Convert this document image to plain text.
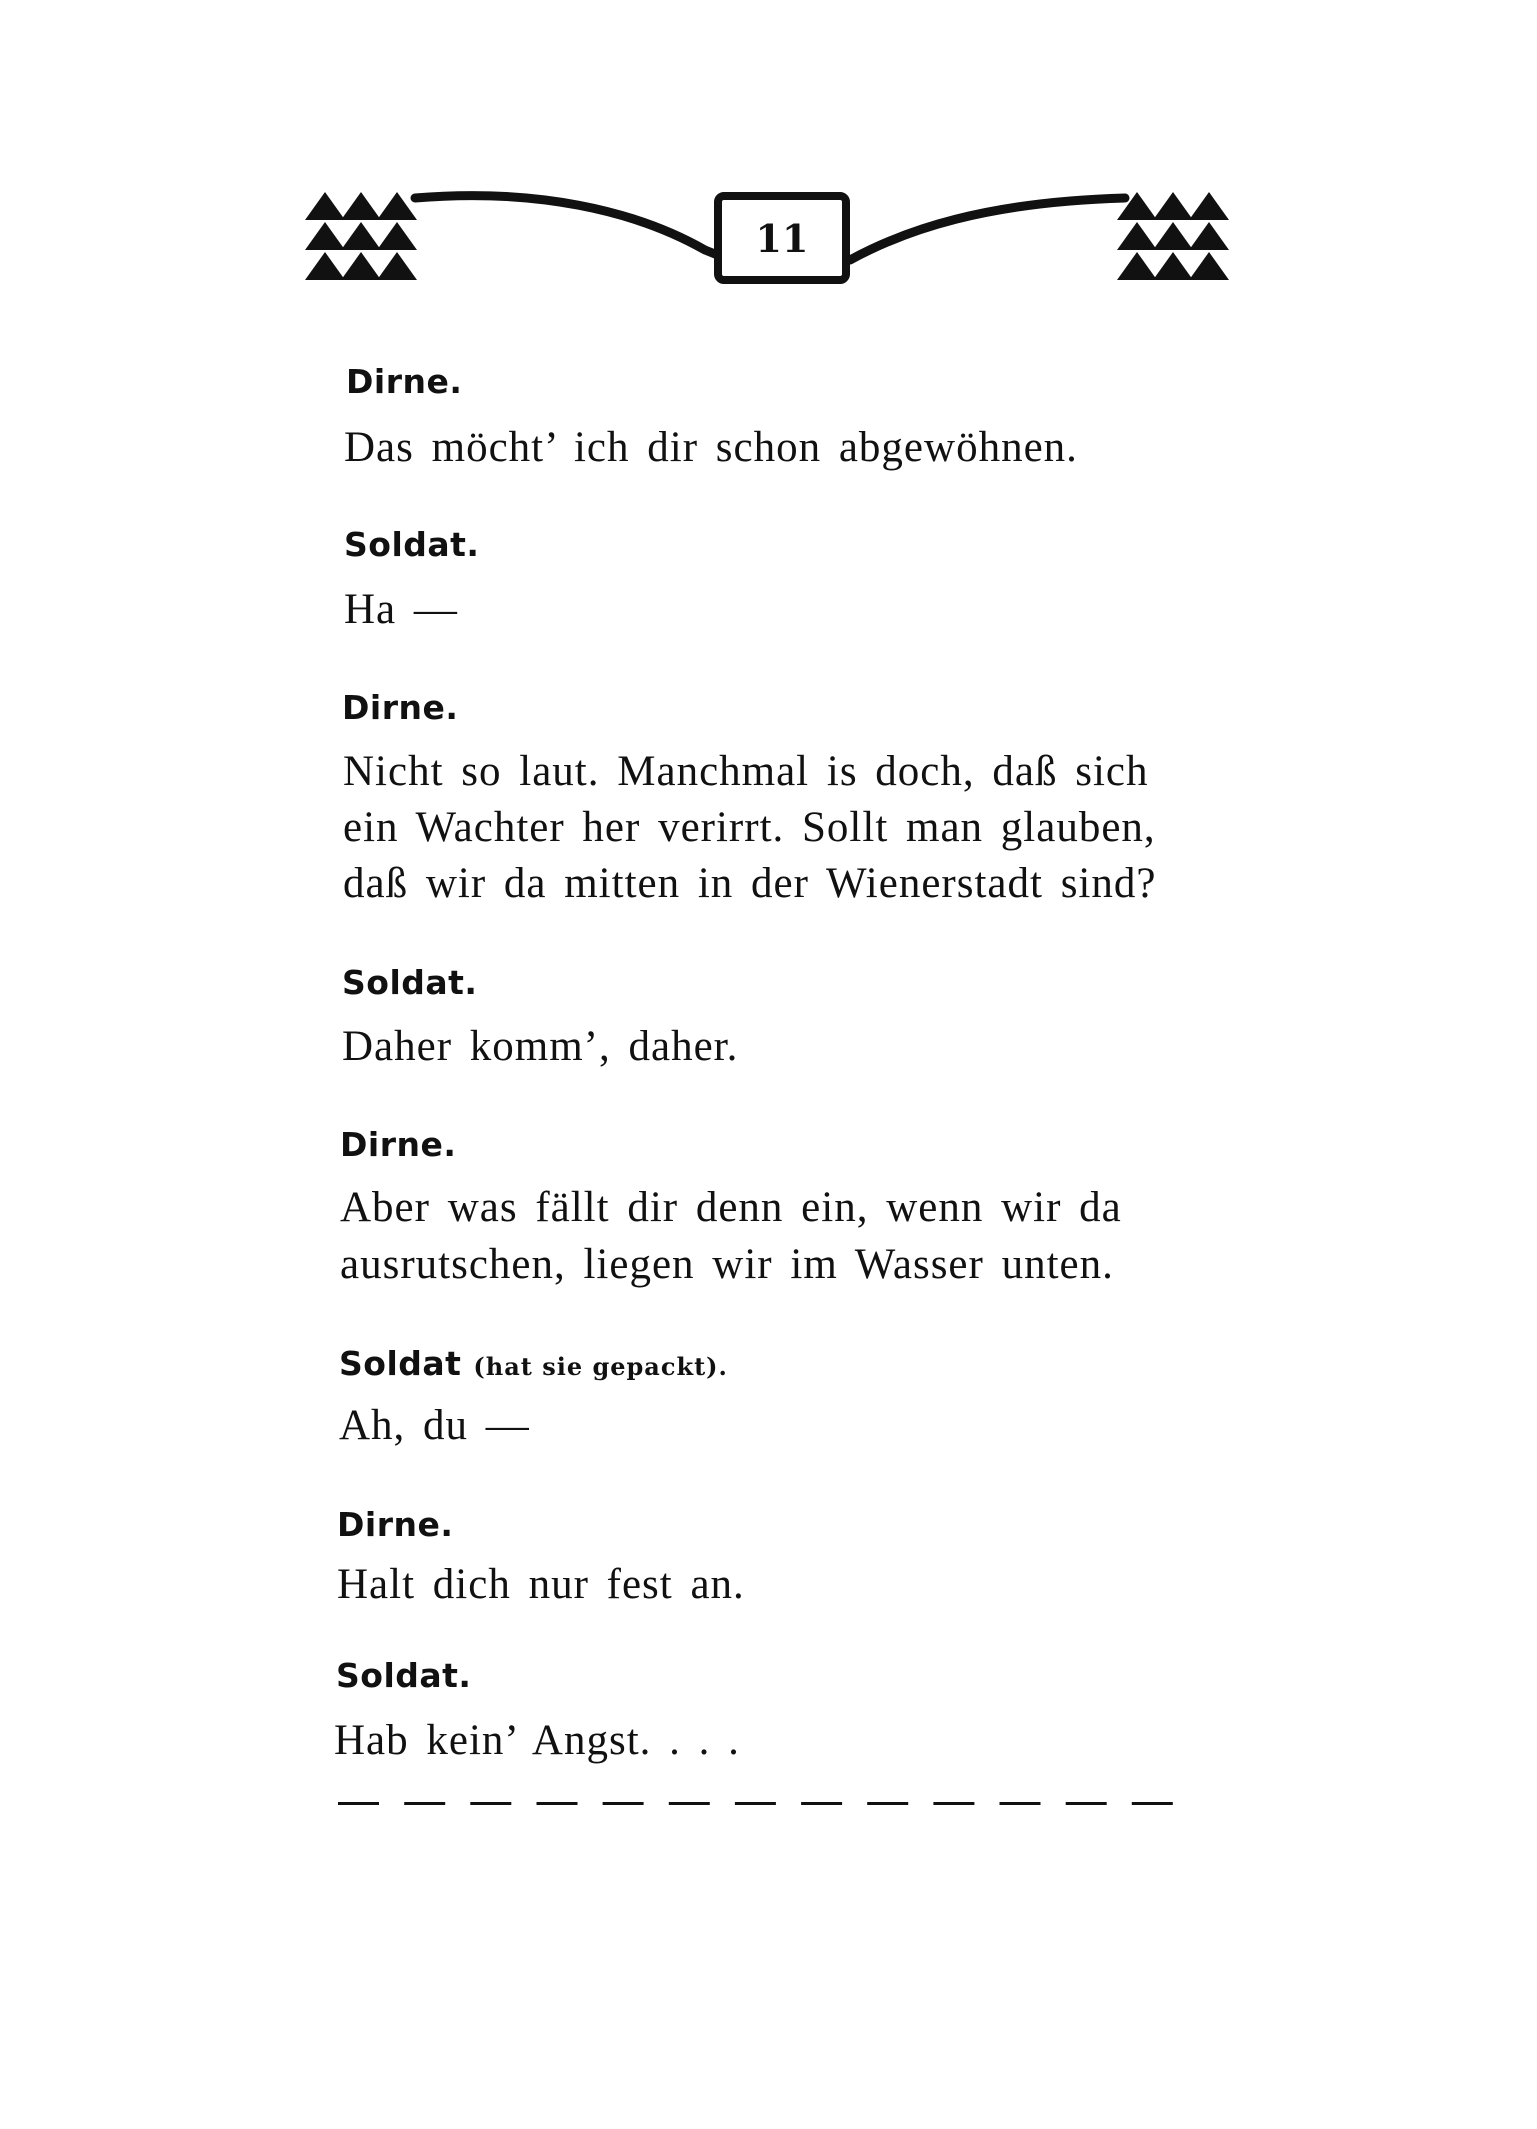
11
Dirne.
Das möcht’ ich dir schon abgewöhnen.
Soldat.
Ha —
Dirne.
Nicht so laut. Manchmal is doch, daß sich
ein Wachter her verirrt. Sollt man glauben,
daß wir da mitten in der Wienerstadt sind?
Soldat.
Daher komm’, daher.
Dirne.
Aber was fällt dir denn ein, wenn wir da
ausrutschen, liegen wir im Wasser unten.
Soldat (hat sie gepackt).
Ah, du —
Dirne.
Halt dich nur fest an.
Soldat.
Hab kein’ Angst. . . .
